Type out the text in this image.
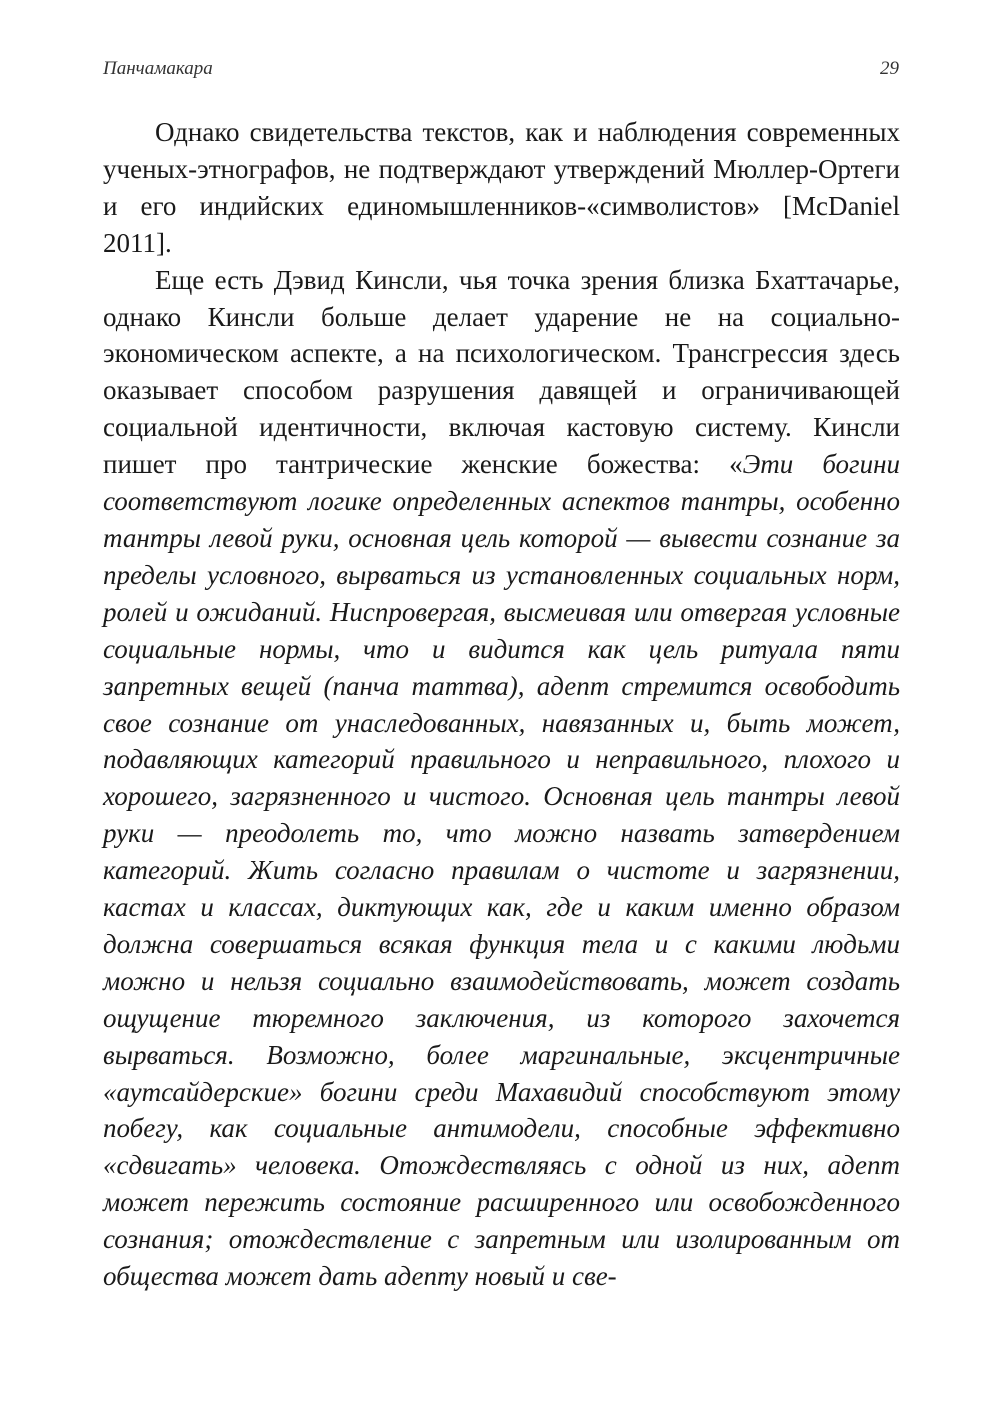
Панчамакара	29

Однако свидетельства текстов, как и наблюдения современных ученых-этнографов, не подтверждают утверждений Мюллер-Ортеги и его индийских единомышленников-«символистов» [McDaniel 2011].

Еще есть Дэвид Кинсли, чья точка зрения близка Бхаттачарье, однако Кинсли больше делает ударение не на социально-экономическом аспекте, а на психологическом. Трансгрессия здесь оказывает способом разрушения давящей и ограничивающей социальной идентичности, включая кастовую систему. Кинсли пишет про тантрические женские божества: «Эти богини соответствуют логике определенных аспектов тантры, особенно тантры левой руки, основная цель которой — вывести сознание за пределы условного, вырваться из установленных социальных норм, ролей и ожиданий. Ниспровергая, высмеивая или отвергая условные социальные нормы, что и видится как цель ритуала пяти запретных вещей (панча таттва), адепт стремится освободить свое сознание от унаследованных, навязанных и, быть может, подавляющих категорий правильного и неправильного, плохого и хорошего, загрязненного и чистого. Основная цель тантры левой руки — преодолеть то, что можно назвать затвердением категорий. Жить согласно правилам о чистоте и загрязнении, кастах и классах, диктующих как, где и каким именно образом должна совершаться всякая функция тела и с какими людьми можно и нельзя социально взаимодействовать, может создать ощущение тюремного заключения, из которого захочется вырваться. Возможно, более маргинальные, эксцентричные «аутсайдерские» богини среди Махавидий способствуют этому побегу, как социальные антимодели, способные эффективно «сдвигать» человека. Отождествляясь с одной из них, адепт может пережить состояние расширенного или освобожденного сознания; отождествление с запретным или изолированным от общества может дать адепту новый и све-
